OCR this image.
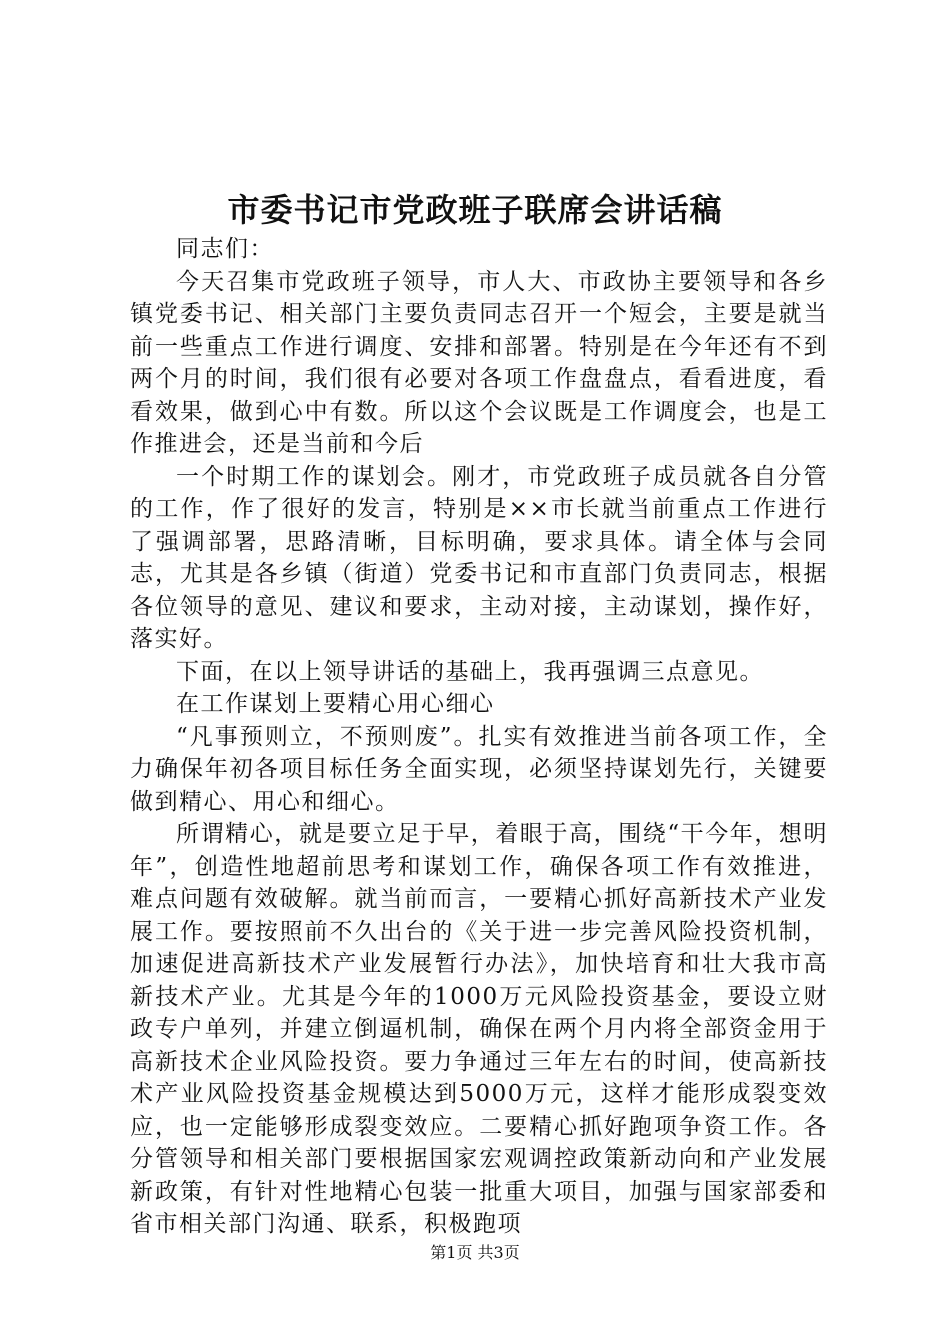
市委书记市党政班子联席会讲话稿

同志们：

今天召集市党政班子领导，市人大、市政协主要领导和各乡镇党委书记、相关部门主要负责同志召开一个短会，主要是就当前一些重点工作进行调度、安排和部署。特别是在今年还有不到两个月的时间，我们很有必要对各项工作盘盘点，看看进度，看看效果，做到心中有数。所以这个会议既是工作调度会，也是工作推进会，还是当前和今后

一个时期工作的谋划会。刚才，市党政班子成员就各自分管的工作，作了很好的发言，特别是××市长就当前重点工作进行了强调部署，思路清晰，目标明确，要求具体。请全体与会同志，尤其是各乡镇（街道）党委书记和市直部门负责同志，根据各位领导的意见、建议和要求，主动对接，主动谋划，操作好，落实好。

下面，在以上领导讲话的基础上，我再强调三点意见。

在工作谋划上要精心用心细心

“凡事预则立，不预则废”。扎实有效推进当前各项工作，全力确保年初各项目标任务全面实现，必须坚持谋划先行，关键要做到精心、用心和细心。

所谓精心，就是要立足于早，着眼于高，围绕“干今年，想明年”，创造性地超前思考和谋划工作，确保各项工作有效推进，难点问题有效破解。就当前而言，一要精心抓好高新技术产业发展工作。要按照前不久出台的《关于进一步完善风险投资机制，加速促进高新技术产业发展暂行办法》，加快培育和壮大我市高新技术产业。尤其是今年的1000万元风险投资基金，要设立财政专户单列，并建立倒逼机制，确保在两个月内将全部资金用于高新技术企业风险投资。要力争通过三年左右的时间，使高新技术产业风险投资基金规模达到5000万元，这样才能形成裂变效应，也一定能够形成裂变效应。二要精心抓好跑项争资工作。各分管领导和相关部门要根据国家宏观调控政策新动向和产业发展新政策，有针对性地精心包装一批重大项目，加强与国家部委和省市相关部门沟通、联系，积极跑项

第1页 共3页
